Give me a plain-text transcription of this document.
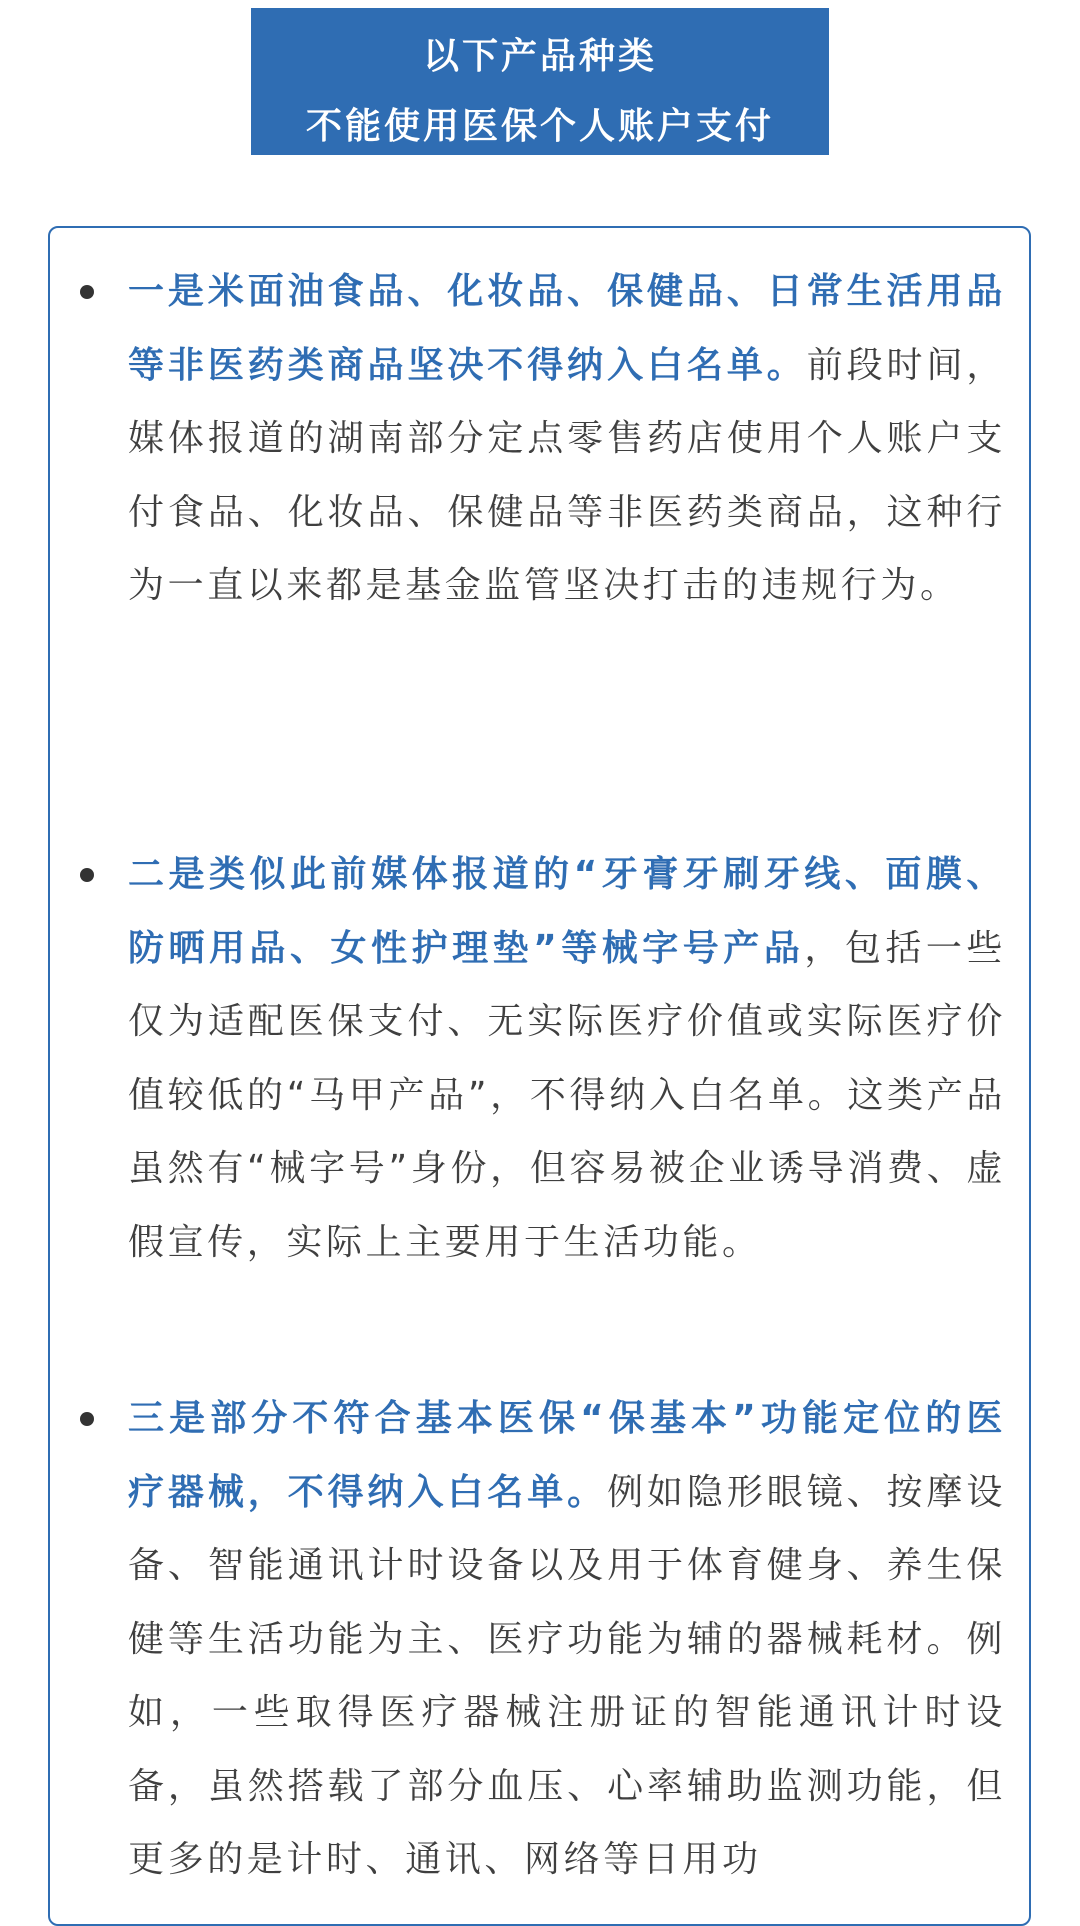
以下产品种类
不能使用医保个人账户支付
一是米面油食品、化妆品、保健品、日常生活用品等非医药类商品坚决不得纳入白名单。前段时间，媒体报道的湖南部分定点零售药店使用个人账户支付食品、化妆品、保健品等非医药类商品，这种行为一直以来都是基金监管坚决打击的违规行为。
二是类似此前媒体报道的“牙膏牙刷牙线、面膜、防晒用品、女性护理垫”等械字号产品，包括一些仅为适配医保支付、无实际医疗价值或实际医疗价值较低的“马甲产品”，不得纳入白名单。这类产品虽然有“械字号”身份，但容易被企业诱导消费、虚假宣传，实际上主要用于生活功能。
三是部分不符合基本医保“保基本”功能定位的医疗器械，不得纳入白名单。例如隐形眼镜、按摩设备、智能通讯计时设备以及用于体育健身、养生保健等生活功能为主、医疗功能为辅的器械耗材。例如，一些取得医疗器械注册证的智能通讯计时设备，虽然搭载了部分血压、心率辅助监测功能，但更多的是计时、通讯、网络等日用功
